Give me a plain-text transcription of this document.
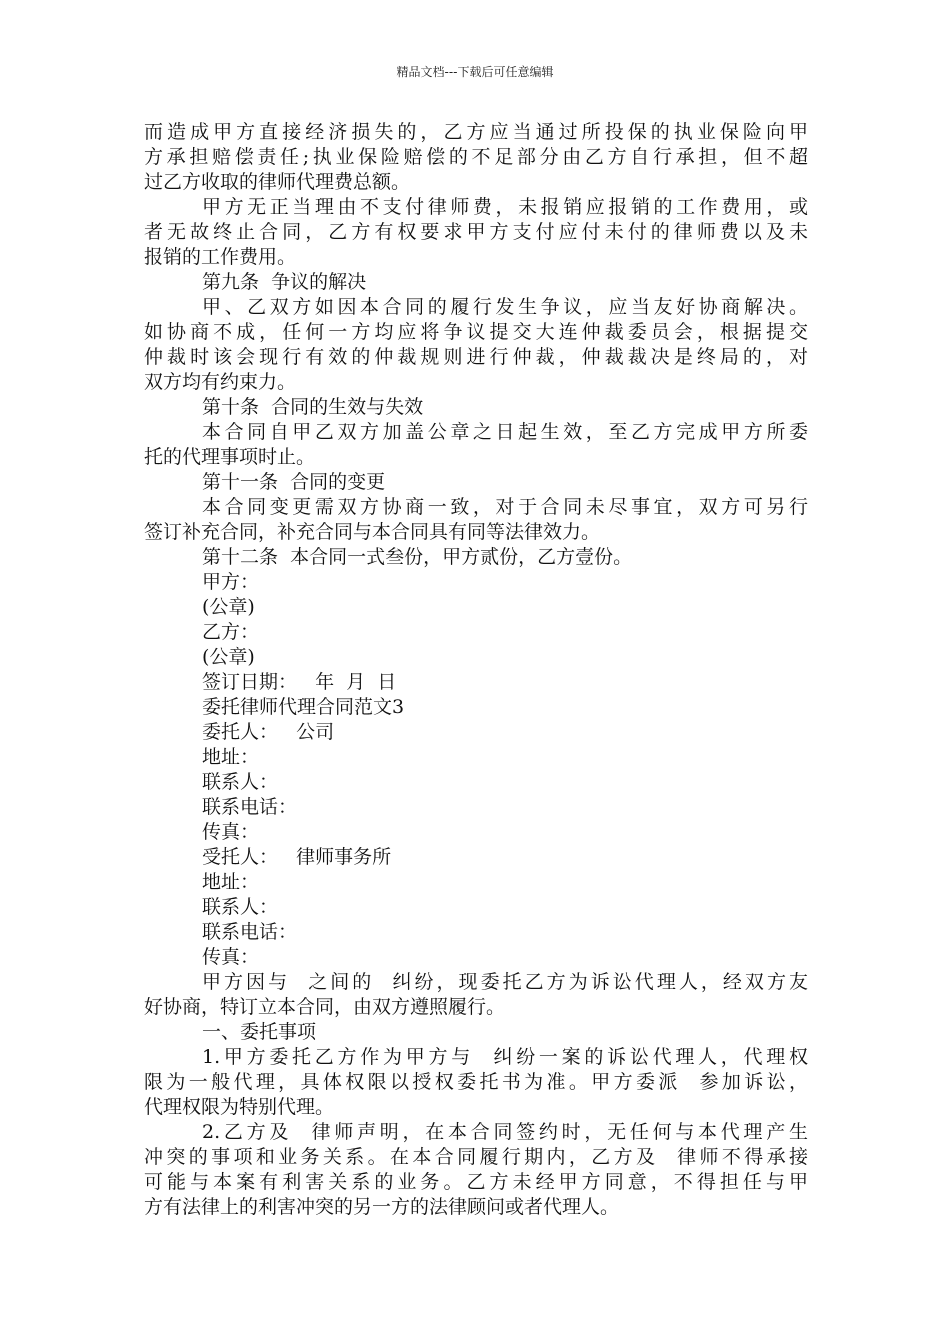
精品文档---下载后可任意编辑
而造成甲方直接经济损失的，乙方应当通过所投保的执业保险向甲
方承担赔偿责任;执业保险赔偿的不足部分由乙方自行承担，但不超
过乙方收取的律师代理费总额。
甲方无正当理由不支付律师费，未报销应报销的工作费用，或
者无故终止合同，乙方有权要求甲方支付应付未付的律师费以及未
报销的工作费用。
第九条  争议的解决
甲、乙双方如因本合同的履行发生争议，应当友好协商解决。
如协商不成，任何一方均应将争议提交大连仲裁委员会，根据提交
仲裁时该会现行有效的仲裁规则进行仲裁，仲裁裁决是终局的，对
双方均有约束力。
第十条  合同的生效与失效
本合同自甲乙双方加盖公章之日起生效，至乙方完成甲方所委
托的代理事项时止。
第十一条  合同的变更
本合同变更需双方协商一致，对于合同未尽事宜，双方可另行
签订补充合同，补充合同与本合同具有同等法律效力。
第十二条  本合同一式叁份，甲方贰份，乙方壹份。
甲方：
(公章)
乙方：
(公章)
签订日期：   年  月  日
委托律师代理合同范文3
委托人：   公司
地址：
联系人：
联系电话：
传真：
受托人：   律师事务所
地址：
联系人：
联系电话：
传真：
甲方因与  之间的  纠纷，现委托乙方为诉讼代理人，经双方友
好协商，特订立本合同，由双方遵照履行。
一、委托事项
1.甲方委托乙方作为甲方与  纠纷一案的诉讼代理人，代理权
限为一般代理，具体权限以授权委托书为准。甲方委派  参加诉讼，
代理权限为特别代理。
2.乙方及  律师声明，在本合同签约时，无任何与本代理产生
冲突的事项和业务关系。在本合同履行期内，乙方及  律师不得承接
可能与本案有利害关系的业务。乙方未经甲方同意，不得担任与甲
方有法律上的利害冲突的另一方的法律顾问或者代理人。
